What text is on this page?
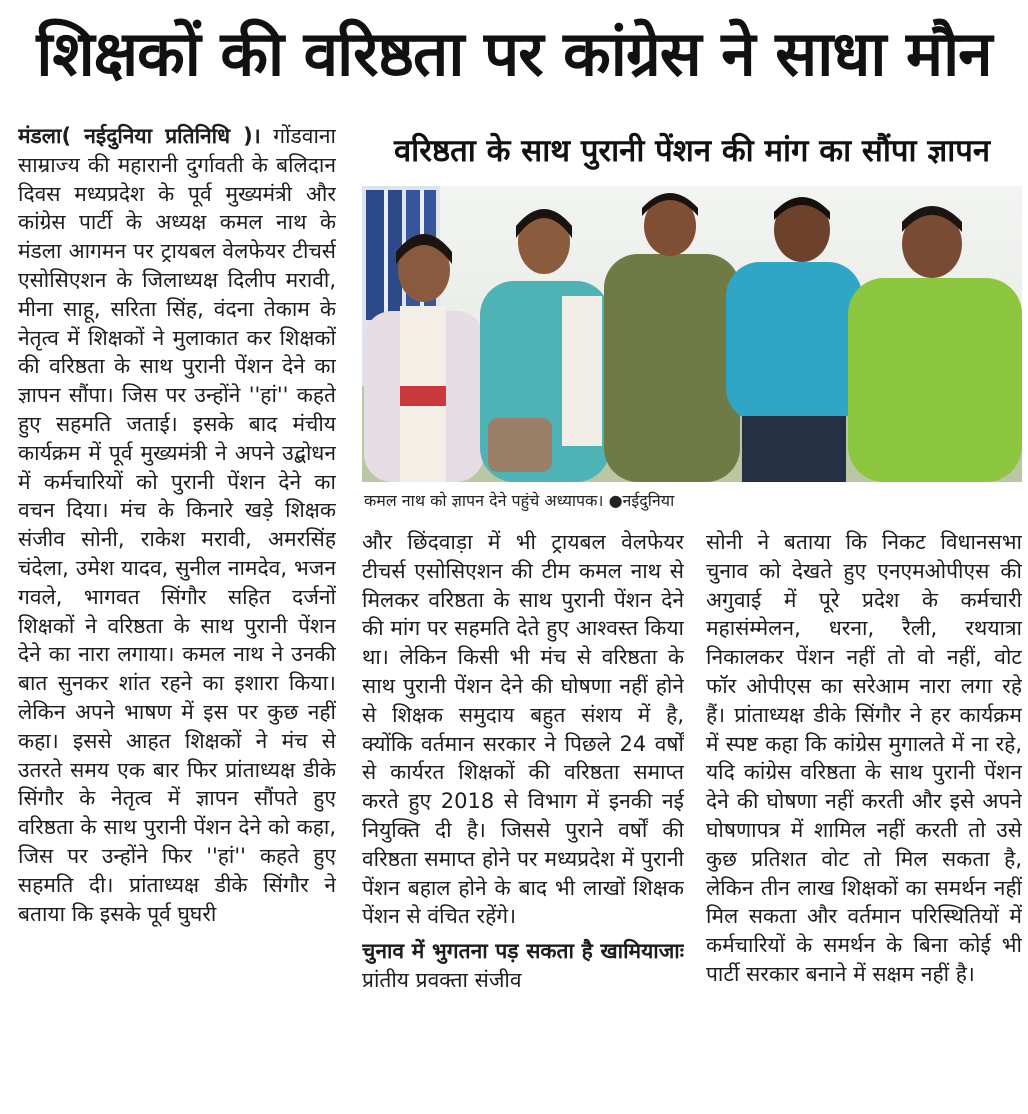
शिक्षकों की वरिष्ठता पर कांग्रेस ने साधा मौन
मंडला( नईदुनिया प्रतिनिधि )। गोंडवाना साम्राज्य की महारानी दुर्गावती के बलिदान दिवस मध्यप्रदेश के पूर्व मुख्यमंत्री और कांग्रेस पार्टी के अध्यक्ष कमल नाथ के मंडला आगमन पर ट्रायबल वेलफेयर टीचर्स एसोसिएशन के जिलाध्यक्ष दिलीप मरावी, मीना साहू, सरिता सिंह, वंदना तेकाम के नेतृत्व में शिक्षकों ने मुलाकात कर शिक्षकों की वरिष्ठता के साथ पुरानी पेंशन देने का ज्ञापन सौंपा। जिस पर उन्होंने ''हां'' कहते हुए सहमति जताई। इसके बाद मंचीय कार्यक्रम में पूर्व मुख्यमंत्री ने अपने उद्बोधन में कर्मचारियों को पुरानी पेंशन देने का वचन दिया। मंच के किनारे खड़े शिक्षक संजीव सोनी, राकेश मरावी, अमरसिंह चंदेला, उमेश यादव, सुनील नामदेव, भजन गवले, भागवत सिंगौर सहित दर्जनों शिक्षकों ने वरिष्ठता के साथ पुरानी पेंशन देने का नारा लगाया। कमल नाथ ने उनकी बात सुनकर शांत रहने का इशारा किया। लेकिन अपने भाषण में इस पर कुछ नहीं कहा। इससे आहत शिक्षकों ने मंच से उतरते समय एक बार फिर प्रांताध्यक्ष डीके सिंगौर के नेतृत्व में ज्ञापन सौंपते हुए वरिष्ठता के साथ पुरानी पेंशन देने को कहा, जिस पर उन्होंने फिर ''हां'' कहते हुए सहमति दी। प्रांताध्यक्ष डीके सिंगौर ने बताया कि इसके पूर्व घुघरी
वरिष्ठता के साथ पुरानी पेंशन की मांग का सौंपा ज्ञापन
कमल नाथ को ज्ञापन देने पहुंचे अध्यापक। ●नईदुनिया
और छिंदवाड़ा में भी ट्रायबल वेलफेयर टीचर्स एसोसिएशन की टीम कमल नाथ से मिलकर वरिष्ठता के साथ पुरानी पेंशन देने की मांग पर सहमति देते हुए आश्वस्त किया था। लेकिन किसी भी मंच से वरिष्ठता के साथ पुरानी पेंशन देने की घोषणा नहीं होने से शिक्षक समुदाय बहुत संशय में है, क्योंकि वर्तमान सरकार ने पिछले 24 वर्षों से कार्यरत शिक्षकों की वरिष्ठता समाप्त करते हुए 2018 से विभाग में इनकी नई नियुक्ति दी है। जिससे पुराने वर्षों की वरिष्ठता समाप्त होने पर मध्यप्रदेश में पुरानी पेंशन बहाल होने के बाद भी लाखों शिक्षक पेंशन से वंचित रहेंगे।
चुनाव में भुगतना पड़ सकता है खामियाजाः प्रांतीय प्रवक्ता संजीव
सोनी ने बताया कि निकट विधानसभा चुनाव को देखते हुए एनएमओपीएस की अगुवाई में पूरे प्रदेश के कर्मचारी महासंम्मेलन, धरना, रैली, रथयात्रा निकालकर पेंशन नहीं तो वो नहीं, वोट फॉर ओपीएस का सरेआम नारा लगा रहे हैं। प्रांताध्यक्ष डीके सिंगौर ने हर कार्यक्रम में स्पष्ट कहा कि कांग्रेस मुगालते में ना रहे, यदि कांग्रेस वरिष्ठता के साथ पुरानी पेंशन देने की घोषणा नहीं करती और इसे अपने घोषणापत्र में शामिल नहीं करती तो उसे कुछ प्रतिशत वोट तो मिल सकता है, लेकिन तीन लाख शिक्षकों का समर्थन नहीं मिल सकता और वर्तमान परिस्थितियों में कर्मचारियों के समर्थन के बिना कोई भी पार्टी सरकार बनाने में सक्षम नहीं है।
